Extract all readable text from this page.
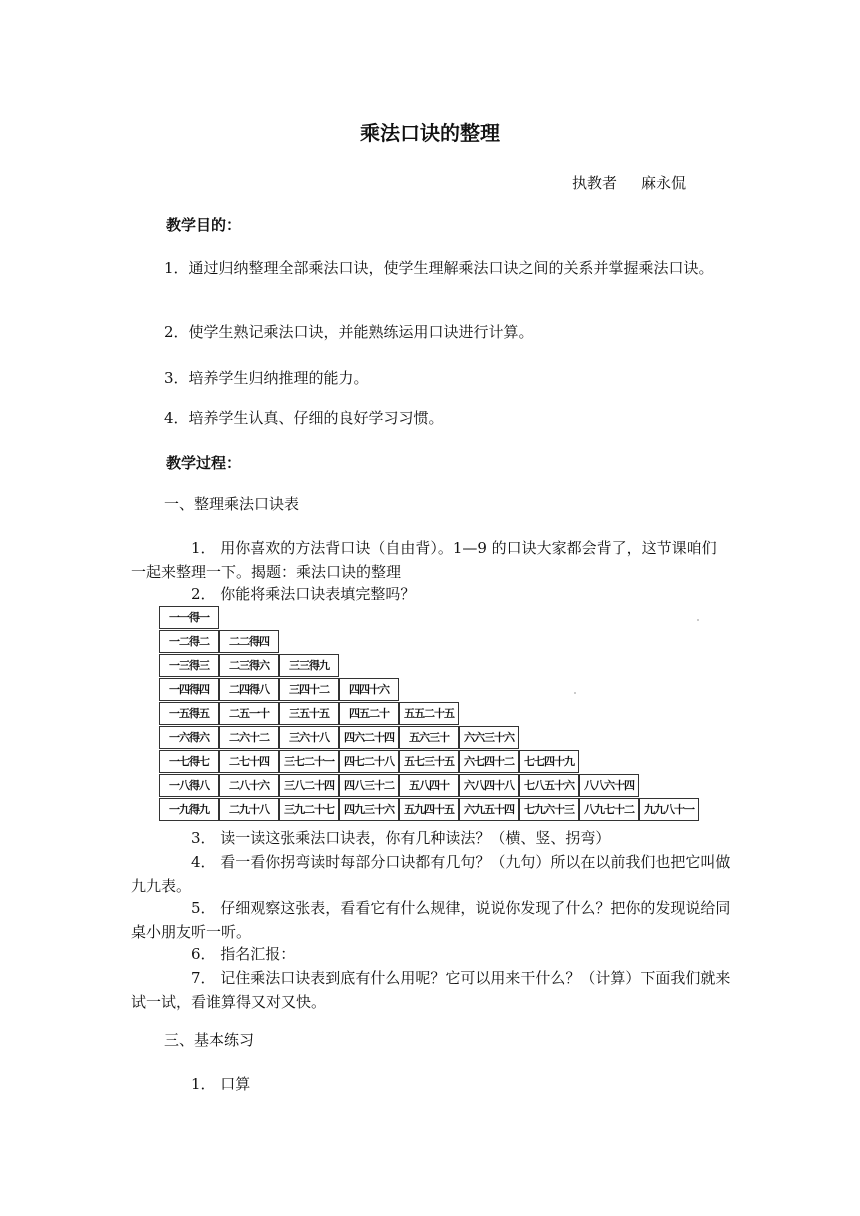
乘法口诀的整理
执教者 麻永侃
教学目的：
1．通过归纳整理全部乘法口诀，使学生理解乘法口诀之间的关系并掌握乘法口诀。
2．使学生熟记乘法口诀，并能熟练运用口诀进行计算。
3．培养学生归纳推理的能力。
4．培养学生认真、仔细的良好学习习惯。
教学过程：
一、整理乘法口诀表
1． 用你喜欢的方法背口诀（自由背）。1—9 的口诀大家都会背了，这节课咱们一起来整理一下。揭题：乘法口诀的整理
2． 你能将乘法口诀表填完整吗？
一一得一
一二得二	二二得四
一三得三	二三得六	三三得九
一四得四	二四得八	三四十二	四四十六
一五得五	二五一十	三五十五	四五二十	五五二十五
一六得六	二六十二	三六十八	四六二十四	五六三十	六六三十六
一七得七	二七十四	三七二十一 四七二十八 五七三十五 六七四十二 七七四十九
一八得八	二八十六	三八二十四 四八三十二	五八四十	六八四十八 七八五十六 八八六十四
一九得九	二九十八	三九二十七 四九三十六 五九四十五 六九五十四 七九六十三 八九七十二 九九八十一
3． 读一读这张乘法口诀表，你有几种读法？（横、竖、拐弯）
4． 看一看你拐弯读时每部分口诀都有几句？（九句）所以在以前我们也把它叫做九九表。
5． 仔细观察这张表，看看它有什么规律，说说你发现了什么？把你的发现说给同桌小朋友听一听。
6． 指名汇报：
7． 记住乘法口诀表到底有什么用呢？它可以用来干什么？（计算）下面我们就来试一试，看谁算得又对又快。
三、基本练习
1． 口算
